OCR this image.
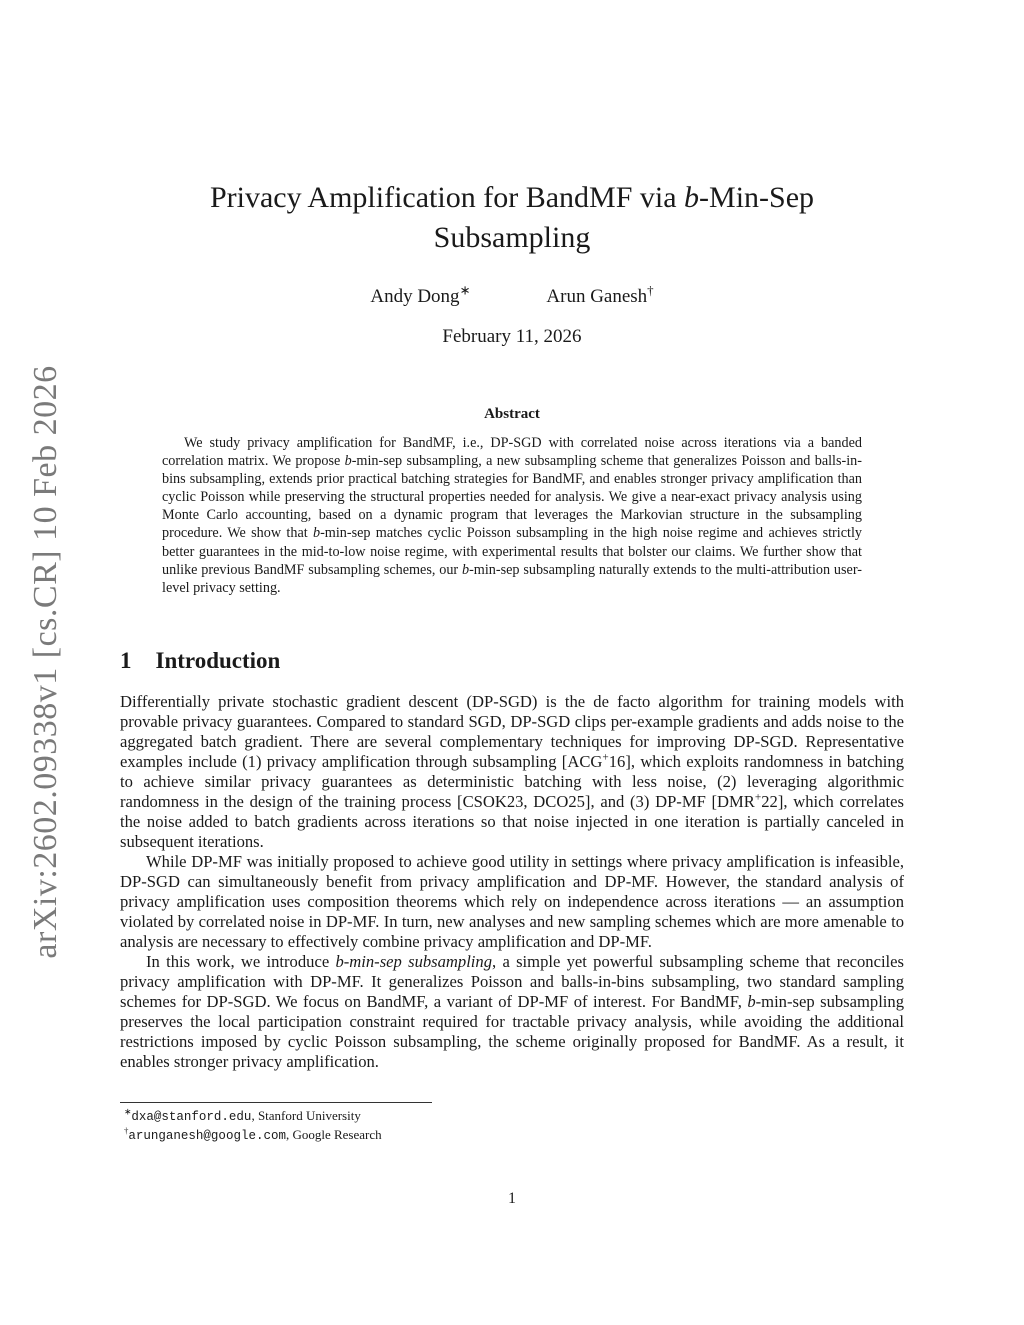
arXiv:2602.09338v1 [cs.CR] 10 Feb 2026
Privacy Amplification for BandMF via b-Min-Sep
Subsampling
Andy Dong∗	Arun Ganesh†
February 11, 2026
Abstract

We study privacy amplification for BandMF, i.e., DP-SGD with correlated noise across iterations via a banded correlation matrix. We propose b-min-sep subsampling, a new subsampling scheme that generalizes Poisson and balls-in-bins subsampling, extends prior practical batching strategies for BandMF, and enables stronger privacy amplification than cyclic Poisson while preserving the structural properties needed for analysis. We give a near-exact privacy analysis using Monte Carlo accounting, based on a dynamic program that leverages the Markovian structure in the subsampling procedure. We show that b-min-sep matches cyclic Poisson subsampling in the high noise regime and achieves strictly better guarantees in the mid-to-low noise regime, with experimental results that bolster our claims. We further show that unlike previous BandMF subsampling schemes, our b-min-sep subsampling naturally extends to the multi-attribution user-level privacy setting.

1 Introduction

Differentially private stochastic gradient descent (DP-SGD) is the de facto algorithm for training models with provable privacy guarantees. Compared to standard SGD, DP-SGD clips per-example gradients and adds noise to the aggregated batch gradient. There are several complementary techniques for improving DP-SGD. Representative examples include (1) privacy amplification through subsampling [ACG+16], which exploits randomness in batching to achieve similar privacy guarantees as deterministic batching with less noise, (2) leveraging algorithmic randomness in the design of the training process [CSOK23, DCO25], and (3) DP-MF [DMR+22], which correlates the noise added to batch gradients across iterations so that noise injected in one iteration is partially canceled in subsequent iterations.

While DP-MF was initially proposed to achieve good utility in settings where privacy amplification is infeasible, DP-SGD can simultaneously benefit from privacy amplification and DP-MF. However, the standard analysis of privacy amplification uses composition theorems which rely on independence across iterations — an assumption violated by correlated noise in DP-MF. In turn, new analyses and new sampling schemes which are more amenable to analysis are necessary to effectively combine privacy amplification and DP-MF.

In this work, we introduce b-min-sep subsampling, a simple yet powerful subsampling scheme that reconciles privacy amplification with DP-MF. It generalizes Poisson and balls-in-bins subsampling, two standard sampling schemes for DP-SGD. We focus on BandMF, a variant of DP-MF of interest. For BandMF, b-min-sep subsampling preserves the local participation constraint required for tractable privacy analysis, while avoiding the additional restrictions imposed by cyclic Poisson subsampling, the scheme originally proposed for BandMF. As a result, it enables stronger privacy amplification.

∗dxa@stanford.edu, Stanford University
†arunganesh@google.com, Google Research
1
